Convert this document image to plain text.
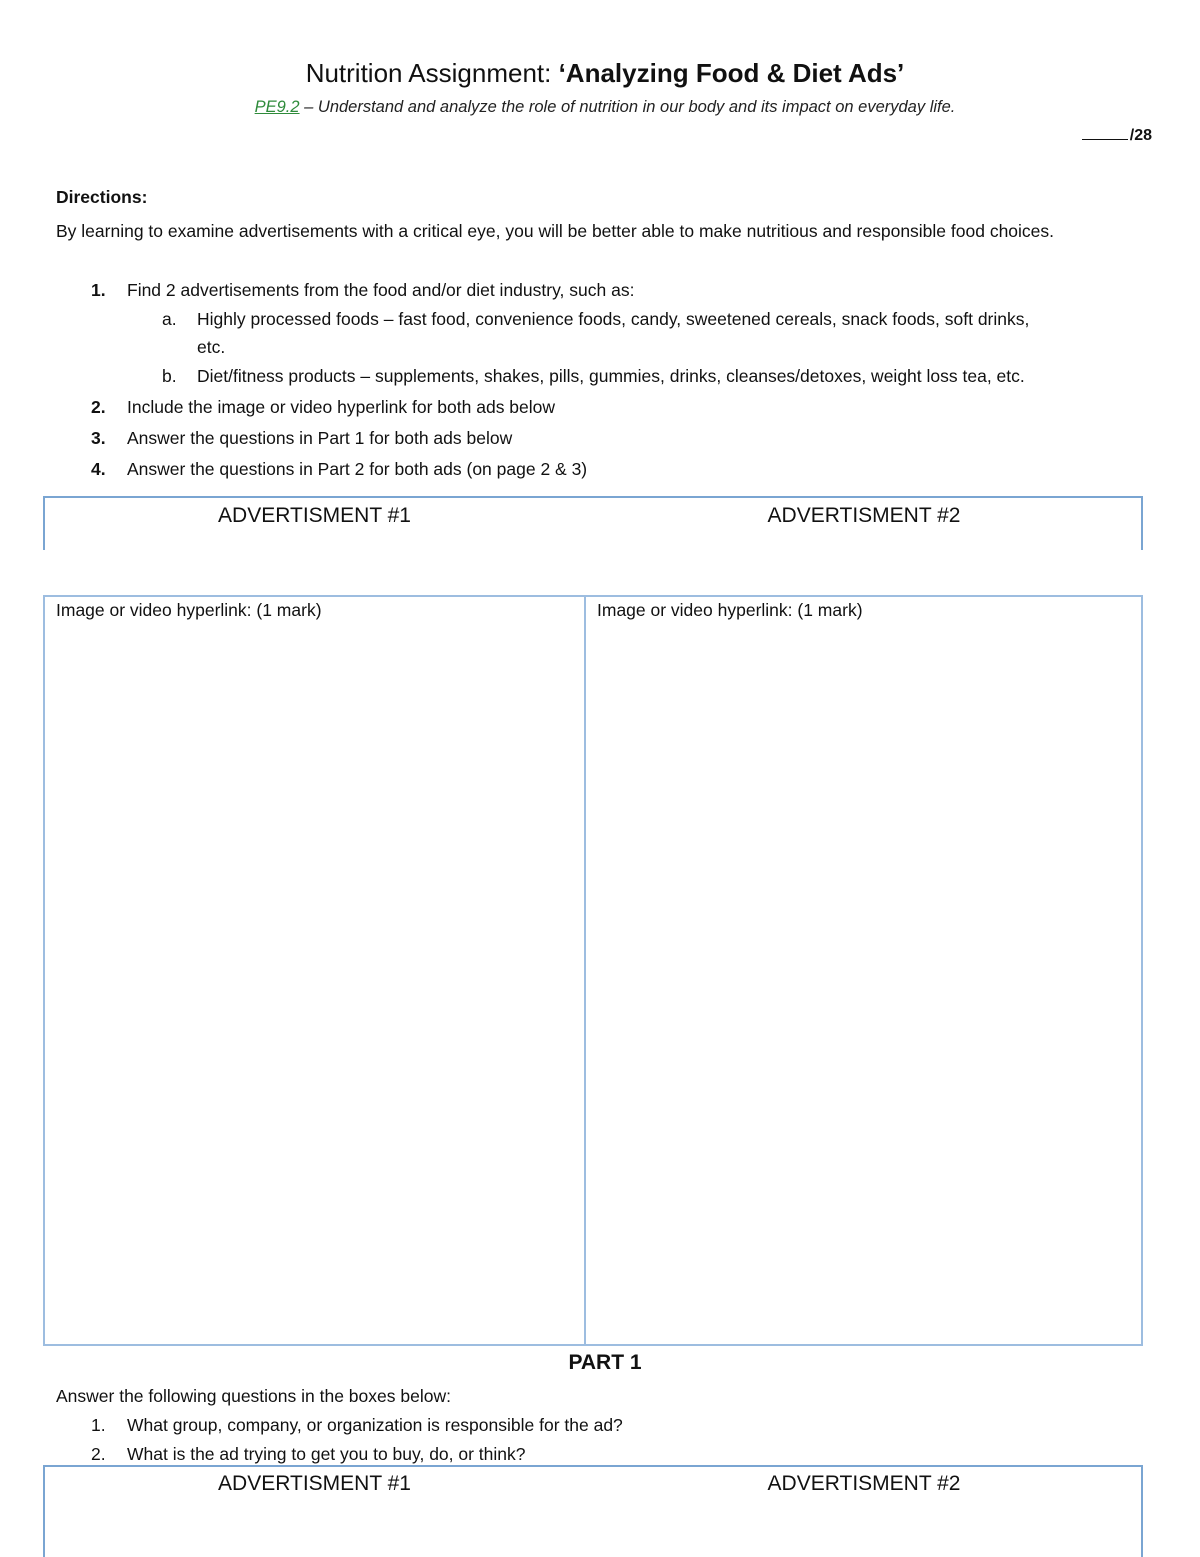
Nutrition Assignment: ‘Analyzing Food & Diet Ads’
PE9.2 – Understand and analyze the role of nutrition in our body and its impact on everyday life.
/28
Directions:
By learning to examine advertisements with a critical eye, you will be better able to make nutritious and responsible food choices.
1. Find 2 advertisements from the food and/or diet industry, such as:
a. Highly processed foods – fast food, convenience foods, candy, sweetened cereals, snack foods, soft drinks,
etc.
b. Diet/fitness products – supplements, shakes, pills, gummies, drinks, cleanses/detoxes, weight loss tea, etc.
2. Include the image or video hyperlink for both ads below
3. Answer the questions in Part 1 for both ads below
4. Answer the questions in Part 2 for both ads (on page 2 & 3)
ADVERTISMENT #1	ADVERTISMENT #2
Image or video hyperlink: (1 mark)	Image or video hyperlink: (1 mark)
PART 1
Answer the following questions in the boxes below:
1. What group, company, or organization is responsible for the ad?
2. What is the ad trying to get you to buy, do, or think?
ADVERTISMENT #1	ADVERTISMENT #2
